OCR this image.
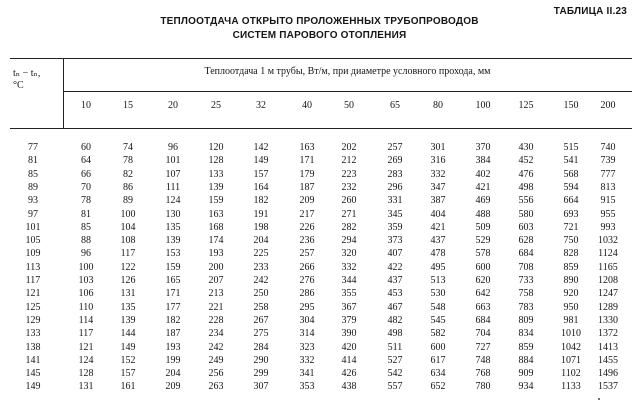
ТАБЛИЦА II.23
ТЕПЛООТДАЧА ОТКРЫТО ПРОЛОЖЕННЫХ ТРУБОПРОВОДОВ
СИСТЕМ ПАРОВОГО ОТОПЛЕНИЯ
tₙ − tₙ,
°C
Теплоотдача 1 м трубы, Вт/м, при диаметре условного прохода, мм
10	15	20	25	32	40	50	65	80	100	125	150	200
77	60	74	96	120	142	163	202	257	301	370	430	515	740
81	64	78	101	128	149	171	212	269	316	384	452	541	739
85	66	82	107	133	157	179	223	283	332	402	476	568	777
89	70	86	111	139	164	187	232	296	347	421	498	594	813
93	78	89	124	159	182	209	260	331	387	469	556	664	915
97	81	100	130	163	191	217	271	345	404	488	580	693	955
101	85	104	135	168	198	226	282	359	421	509	603	721	993
105	88	108	139	174	204	236	294	373	437	529	628	750	1032
109	96	117	153	193	225	257	320	407	478	578	684	828	1124
113	100	122	159	200	233	266	332	422	495	600	708	859	1165
117	103	126	165	207	242	276	344	437	513	620	733	890	1208
121	106	131	171	213	250	286	355	453	530	642	758	920	1247
125	110	135	177	221	258	295	367	467	548	663	783	950	1289
129	114	139	182	228	267	304	379	482	545	684	809	981	1330
133	117	144	187	234	275	314	390	498	582	704	834	1010	1372
138	121	149	193	242	284	323	420	511	600	727	859	1042	1413
141	124	152	199	249	290	332	414	527	617	748	884	1071	1455
145	128	157	204	256	299	341	426	542	634	768	909	1102	1496
149	131	161	209	263	307	353	438	557	652	780	934	1133	1537
